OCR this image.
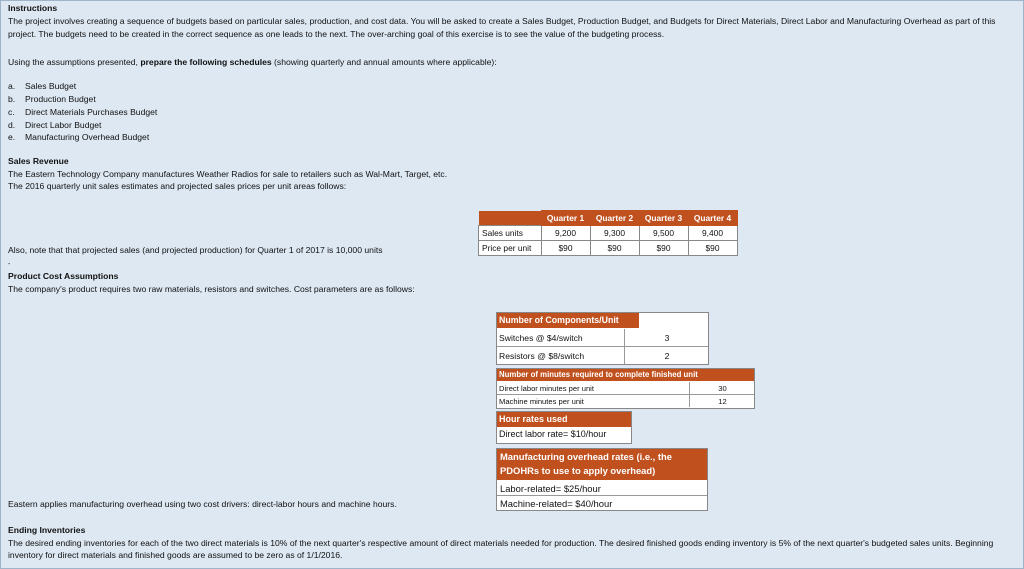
Instructions
The project involves creating a sequence of budgets based on particular sales, production, and cost data. You will be asked to create a Sales Budget, Production Budget, and Budgets for Direct Materials, Direct Labor and Manufacturing Overhead as part of this project. The budgets need to be created in the correct sequence as one leads to the next. The over-arching goal of this exercise is to see the value of the budgeting process.
Using the assumptions presented, prepare the following schedules (showing quarterly and annual amounts where applicable):
a. Sales Budget
b. Production Budget
c. Direct Materials Purchases Budget
d. Direct Labor Budget
e. Manufacturing Overhead Budget
Sales Revenue
The Eastern Technology Company manufactures Weather Radios for sale to retailers such as Wal-Mart, Target, etc.
The 2016 quarterly unit sales estimates and projected sales prices per unit areas follows:
	Quarter 1	Quarter 2	Quarter 3	Quarter 4
Sales units	9,200	9,300	9,500	9,400
Price per unit	$90	$90	$90	$90
Also, note that that projected sales (and projected production) for Quarter 1 of 2017 is 10,000 units
-
Product Cost Assumptions
The company's product requires two raw materials, resistors and switches. Cost parameters are as follows:
Number of Components/Unit
Switches @ $4/switch	3
Resistors @ $8/switch	2
Number of minutes required to complete finished unit
Direct labor minutes per unit	30
Machine minutes per unit	12
Hour rates used
Direct labor rate= $10/hour
Manufacturing overhead rates (i.e., the
PDOHRs to use to apply overhead)
Labor-related= $25/hour
Machine-related= $40/hour
Eastern applies manufacturing overhead using two cost drivers: direct-labor hours and machine hours.
Ending Inventories
The desired ending inventories for each of the two direct materials is 10% of the next quarter's respective amount of direct materials needed for production. The desired finished goods ending inventory is 5% of the next quarter's budgeted sales units. Beginning inventory for direct materials and finished goods are assumed to be zero as of 1/1/2016.
